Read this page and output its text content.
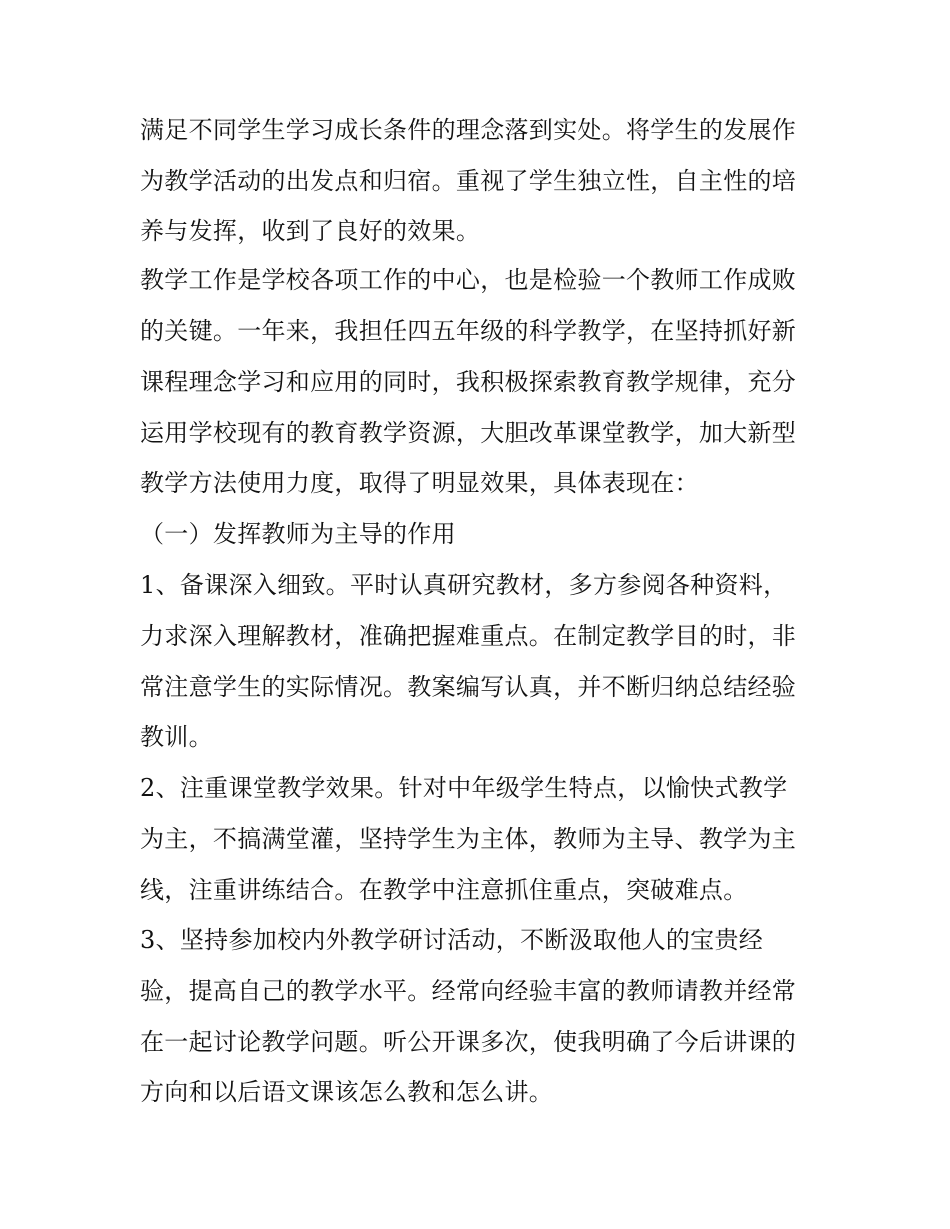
满足不同学生学习成长条件的理念落到实处。将学生的发展作
为教学活动的出发点和归宿。重视了学生独立性，自主性的培
养与发挥，收到了良好的效果。
教学工作是学校各项工作的中心，也是检验一个教师工作成败
的关键。一年来，我担任四五年级的科学教学，在坚持抓好新
课程理念学习和应用的同时，我积极探索教育教学规律，充分
运用学校现有的教育教学资源，大胆改革课堂教学，加大新型
教学方法使用力度，取得了明显效果，具体表现在：
（一）发挥教师为主导的作用
1、备课深入细致。平时认真研究教材，多方参阅各种资料，
力求深入理解教材，准确把握难重点。在制定教学目的时，非
常注意学生的实际情况。教案编写认真，并不断归纳总结经验
教训。
2、注重课堂教学效果。针对中年级学生特点，以愉快式教学
为主，不搞满堂灌，坚持学生为主体，教师为主导、教学为主
线，注重讲练结合。在教学中注意抓住重点，突破难点。
3、坚持参加校内外教学研讨活动，不断汲取他人的宝贵经
验，提高自己的教学水平。经常向经验丰富的教师请教并经常
在一起讨论教学问题。听公开课多次，使我明确了今后讲课的
方向和以后语文课该怎么教和怎么讲。
